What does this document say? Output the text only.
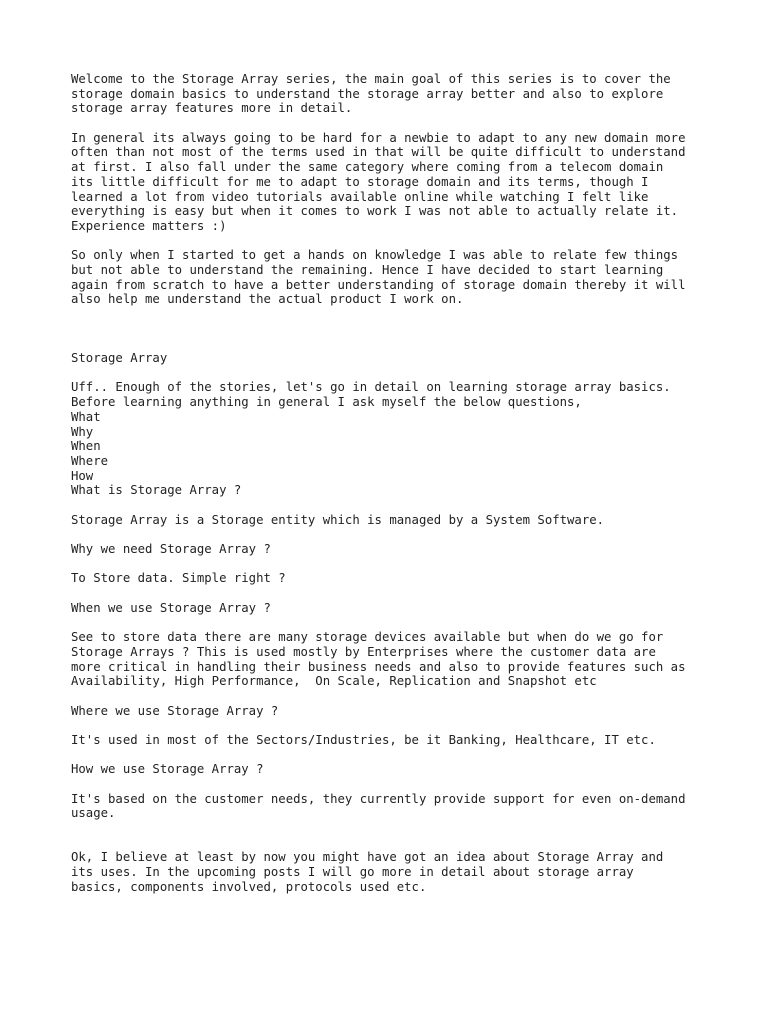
Welcome to the Storage Array series, the main goal of this series is to cover the
storage domain basics to understand the storage array better and also to explore
storage array features more in detail.
In general its always going to be hard for a newbie to adapt to any new domain more
often than not most of the terms used in that will be quite difficult to understand
at first. I also fall under the same category where coming from a telecom domain
its little difficult for me to adapt to storage domain and its terms, though I
learned a lot from video tutorials available online while watching I felt like
everything is easy but when it comes to work I was not able to actually relate it.
Experience matters :)
So only when I started to get a hands on knowledge I was able to relate few things
but not able to understand the remaining. Hence I have decided to start learning
again from scratch to have a better understanding of storage domain thereby it will
also help me understand the actual product I work on.
Storage Array
Uff.. Enough of the stories, let's go in detail on learning storage array basics.
Before learning anything in general I ask myself the below questions,
What
Why
When
Where
How
What is Storage Array ?
Storage Array is a Storage entity which is managed by a System Software.
Why we need Storage Array ?
To Store data. Simple right ?
When we use Storage Array ?
See to store data there are many storage devices available but when do we go for
Storage Arrays ? This is used mostly by Enterprises where the customer data are
more critical in handling their business needs and also to provide features such as
Availability, High Performance,  On Scale, Replication and Snapshot etc
Where we use Storage Array ?
It's used in most of the Sectors/Industries, be it Banking, Healthcare, IT etc.
How we use Storage Array ?
It's based on the customer needs, they currently provide support for even on-demand
usage.
Ok, I believe at least by now you might have got an idea about Storage Array and
its uses. In the upcoming posts I will go more in detail about storage array
basics, components involved, protocols used etc.
